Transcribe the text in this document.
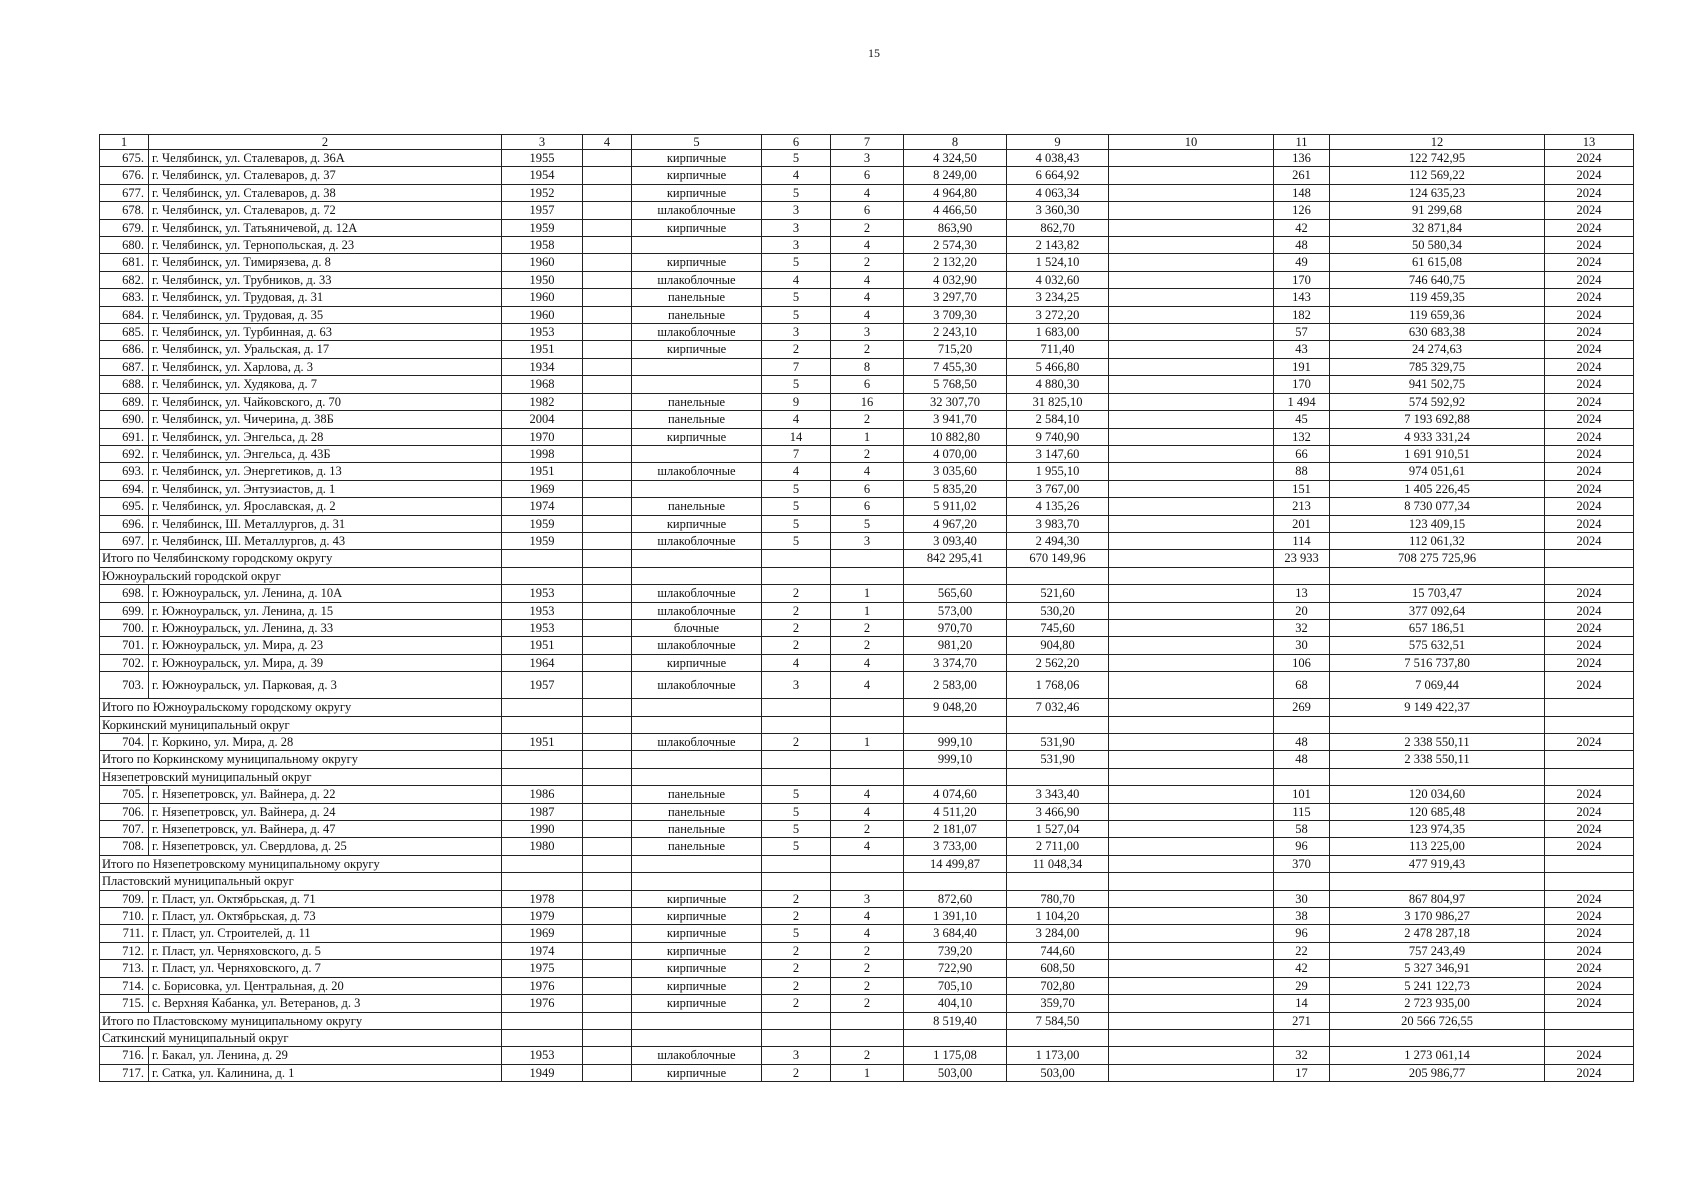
15
1	2	3	4	5	6	7	8	9	10	11	12	13
675.	г. Челябинск, ул. Сталеваров, д. 36А	1955		кирпичные	5	3	4 324,50	4 038,43		136	122 742,95	2024
676.	г. Челябинск, ул. Сталеваров, д. 37	1954		кирпичные	4	6	8 249,00	6 664,92		261	112 569,22	2024
677.	г. Челябинск, ул. Сталеваров, д. 38	1952		кирпичные	5	4	4 964,80	4 063,34		148	124 635,23	2024
678.	г. Челябинск, ул. Сталеваров, д. 72	1957		шлакоблочные	3	6	4 466,50	3 360,30		126	91 299,68	2024
679.	г. Челябинск, ул. Татьяничевой, д. 12А	1959		кирпичные	3	2	863,90	862,70		42	32 871,84	2024
680.	г. Челябинск, ул. Тернопольская, д. 23	1958			3	4	2 574,30	2 143,82		48	50 580,34	2024
681.	г. Челябинск, ул. Тимирязева, д. 8	1960		кирпичные	5	2	2 132,20	1 524,10		49	61 615,08	2024
682.	г. Челябинск, ул. Трубников, д. 33	1950		шлакоблочные	4	4	4 032,90	4 032,60		170	746 640,75	2024
683.	г. Челябинск, ул. Трудовая, д. 31	1960		панельные	5	4	3 297,70	3 234,25		143	119 459,35	2024
684.	г. Челябинск, ул. Трудовая, д. 35	1960		панельные	5	4	3 709,30	3 272,20		182	119 659,36	2024
685.	г. Челябинск, ул. Турбинная, д. 63	1953		шлакоблочные	3	3	2 243,10	1 683,00		57	630 683,38	2024
686.	г. Челябинск, ул. Уральская, д. 17	1951		кирпичные	2	2	715,20	711,40		43	24 274,63	2024
687.	г. Челябинск, ул. Харлова, д. 3	1934			7	8	7 455,30	5 466,80		191	785 329,75	2024
688.	г. Челябинск, ул. Худякова, д. 7	1968			5	6	5 768,50	4 880,30		170	941 502,75	2024
689.	г. Челябинск, ул. Чайковского, д. 70	1982		панельные	9	16	32 307,70	31 825,10		1 494	574 592,92	2024
690.	г. Челябинск, ул. Чичерина, д. 38Б	2004		панельные	4	2	3 941,70	2 584,10		45	7 193 692,88	2024
691.	г. Челябинск, ул. Энгельса, д. 28	1970		кирпичные	14	1	10 882,80	9 740,90		132	4 933 331,24	2024
692.	г. Челябинск, ул. Энгельса, д. 43Б	1998			7	2	4 070,00	3 147,60		66	1 691 910,51	2024
693.	г. Челябинск, ул. Энергетиков, д. 13	1951		шлакоблочные	4	4	3 035,60	1 955,10		88	974 051,61	2024
694.	г. Челябинск, ул. Энтузиастов, д. 1	1969			5	6	5 835,20	3 767,00		151	1 405 226,45	2024
695.	г. Челябинск, ул. Ярославская, д. 2	1974		панельные	5	6	5 911,02	4 135,26		213	8 730 077,34	2024
696.	г. Челябинск, Ш. Металлургов, д. 31	1959		кирпичные	5	5	4 967,20	3 983,70		201	123 409,15	2024
697.	г. Челябинск, Ш. Металлургов, д. 43	1959		шлакоблочные	5	3	3 093,40	2 494,30		114	112 061,32	2024
Итого по Челябинскому городскому округу							842 295,41	670 149,96		23 933	708 275 725,96	
Южноуральский городской округ												
698.	г. Южноуральск, ул. Ленина, д. 10А	1953		шлакоблочные	2	1	565,60	521,60		13	15 703,47	2024
699.	г. Южноуральск, ул. Ленина, д. 15	1953		шлакоблочные	2	1	573,00	530,20		20	377 092,64	2024
700.	г. Южноуральск, ул. Ленина, д. 33	1953		блочные	2	2	970,70	745,60		32	657 186,51	2024
701.	г. Южноуральск, ул. Мира, д. 23	1951		шлакоблочные	2	2	981,20	904,80		30	575 632,51	2024
702.	г. Южноуральск, ул. Мира, д. 39	1964		кирпичные	4	4	3 374,70	2 562,20		106	7 516 737,80	2024
703.	г. Южноуральск, ул. Парковая, д. 3	1957		шлакоблочные	3	4	2 583,00	1 768,06		68	7 069,44	2024
Итого по Южноуральскому городскому округу							9 048,20	7 032,46		269	9 149 422,37	
Коркинский муниципальный округ												
704.	г. Коркино, ул. Мира, д. 28	1951		шлакоблочные	2	1	999,10	531,90		48	2 338 550,11	2024
Итого по Коркинскому муниципальному округу							999,10	531,90		48	2 338 550,11	
Нязепетровский муниципальный округ												
705.	г. Нязепетровск, ул. Вайнера, д. 22	1986		панельные	5	4	4 074,60	3 343,40		101	120 034,60	2024
706.	г. Нязепетровск, ул. Вайнера, д. 24	1987		панельные	5	4	4 511,20	3 466,90		115	120 685,48	2024
707.	г. Нязепетровск, ул. Вайнера, д. 47	1990		панельные	5	2	2 181,07	1 527,04		58	123 974,35	2024
708.	г. Нязепетровск, ул. Свердлова, д. 25	1980		панельные	5	4	3 733,00	2 711,00		96	113 225,00	2024
Итого по Нязепетровскому муниципальному округу							14 499,87	11 048,34		370	477 919,43	
Пластовский муниципальный округ												
709.	г. Пласт, ул. Октябрьская, д. 71	1978		кирпичные	2	3	872,60	780,70		30	867 804,97	2024
710.	г. Пласт, ул. Октябрьская, д. 73	1979		кирпичные	2	4	1 391,10	1 104,20		38	3 170 986,27	2024
711.	г. Пласт, ул. Строителей, д. 11	1969		кирпичные	5	4	3 684,40	3 284,00		96	2 478 287,18	2024
712.	г. Пласт, ул. Черняховского, д. 5	1974		кирпичные	2	2	739,20	744,60		22	757 243,49	2024
713.	г. Пласт, ул. Черняховского, д. 7	1975		кирпичные	2	2	722,90	608,50		42	5 327 346,91	2024
714.	с. Борисовка, ул. Центральная, д. 20	1976		кирпичные	2	2	705,10	702,80		29	5 241 122,73	2024
715.	с. Верхняя Кабанка, ул. Ветеранов, д. 3	1976		кирпичные	2	2	404,10	359,70		14	2 723 935,00	2024
Итого по Пластовскому муниципальному округу							8 519,40	7 584,50		271	20 566 726,55	
Саткинский муниципальный округ												
716.	г. Бакал, ул. Ленина, д. 29	1953		шлакоблочные	3	2	1 175,08	1 173,00		32	1 273 061,14	2024
717.	г. Сатка, ул. Калинина, д. 1	1949		кирпичные	2	1	503,00	503,00		17	205 986,77	2024
